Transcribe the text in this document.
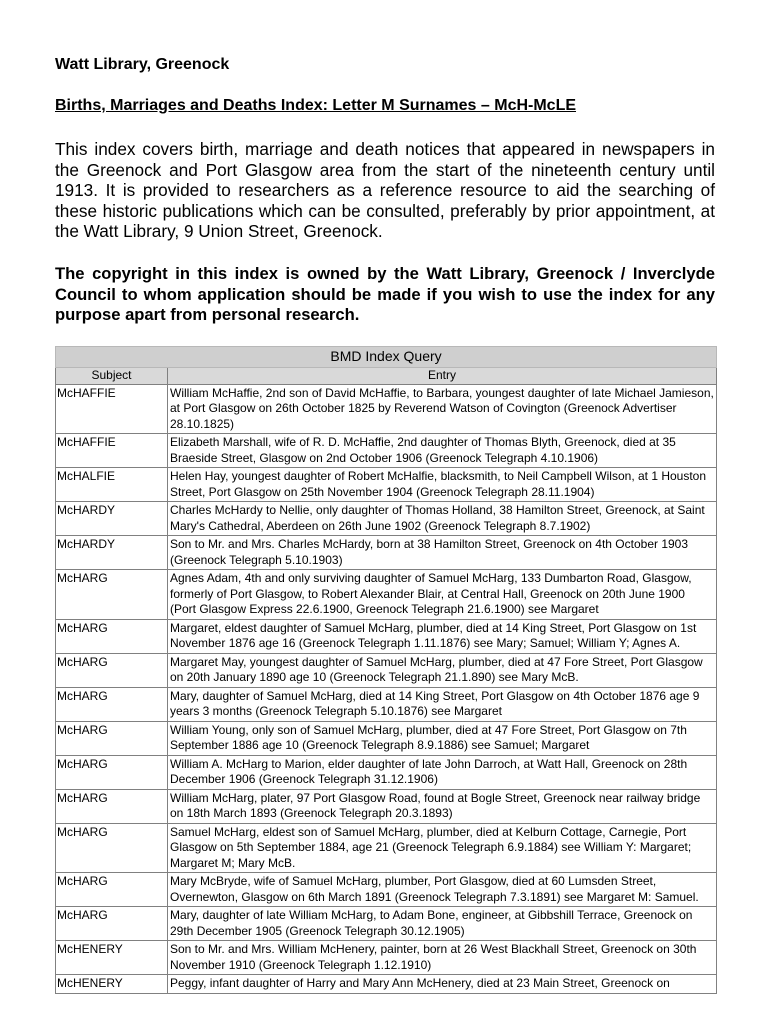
Watt Library, Greenock
Births, Marriages and Deaths Index: Letter M Surnames – McH-McLE
This index covers birth, marriage and death notices that appeared in newspapers in the Greenock and Port Glasgow area from the start of the nineteenth century until 1913. It is provided to researchers as a reference resource to aid the searching of these historic publications which can be consulted, preferably by prior appointment, at the Watt Library, 9 Union Street, Greenock.
The copyright in this index is owned by the Watt Library, Greenock / Inverclyde Council to whom application should be made if you wish to use the index for any purpose apart from personal research.
BMD Index Query	
Subject	Entry
McHAFFIE	William McHaffie, 2nd son of David McHaffie, to Barbara, youngest daughter of late Michael Jamieson, at Port Glasgow on 26th October 1825 by Reverend Watson of Covington (Greenock Advertiser 28.10.1825)
McHAFFIE	Elizabeth Marshall, wife of R. D. McHaffie, 2nd daughter of Thomas Blyth, Greenock, died at 35 Braeside Street, Glasgow on 2nd October 1906 (Greenock Telegraph 4.10.1906)
McHALFIE	Helen Hay, youngest daughter of Robert McHalfie, blacksmith, to Neil Campbell Wilson, at 1 Houston Street, Port Glasgow on 25th November 1904 (Greenock Telegraph 28.11.1904)
McHARDY	Charles McHardy to Nellie, only daughter of Thomas Holland, 38 Hamilton Street, Greenock, at Saint Mary's Cathedral, Aberdeen on 26th June 1902 (Greenock Telegraph 8.7.1902)
McHARDY	Son to Mr. and Mrs. Charles McHardy, born at 38 Hamilton Street, Greenock on 4th October 1903 (Greenock Telegraph 5.10.1903)
McHARG	Agnes Adam, 4th and only surviving daughter of Samuel McHarg, 133 Dumbarton Road, Glasgow, formerly of Port Glasgow, to Robert Alexander Blair, at Central Hall, Greenock on 20th June 1900 (Port Glasgow Express 22.6.1900, Greenock Telegraph 21.6.1900) see Margaret
McHARG	Margaret, eldest daughter of Samuel McHarg, plumber, died at 14 King Street, Port Glasgow on 1st November 1876 age 16 (Greenock Telegraph 1.11.1876) see Mary; Samuel; William Y; Agnes A.
McHARG	Margaret May, youngest daughter of Samuel McHarg, plumber, died at 47 Fore Street, Port Glasgow on 20th January 1890 age 10 (Greenock Telegraph 21.1.890) see Mary McB.
McHARG	Mary, daughter of Samuel McHarg, died at 14 King Street, Port Glasgow on 4th October 1876 age 9 years 3 months (Greenock Telegraph 5.10.1876) see Margaret
McHARG	William Young, only son of Samuel McHarg, plumber, died at 47 Fore Street, Port Glasgow on 7th September 1886 age 10 (Greenock Telegraph 8.9.1886) see Samuel; Margaret
McHARG	William A. McHarg to Marion, elder daughter of late John Darroch, at Watt Hall, Greenock on 28th December 1906 (Greenock Telegraph 31.12.1906)
McHARG	William McHarg, plater, 97 Port Glasgow Road, found at Bogle Street, Greenock near railway bridge on 18th March 1893 (Greenock Telegraph 20.3.1893)
McHARG	Samuel McHarg, eldest son of Samuel McHarg, plumber, died at Kelburn Cottage, Carnegie, Port Glasgow on 5th September 1884, age 21 (Greenock Telegraph 6.9.1884) see William Y: Margaret; Margaret M; Mary McB.
McHARG	Mary McBryde, wife of Samuel McHarg, plumber, Port Glasgow, died at 60 Lumsden Street, Overnewton, Glasgow on 6th March 1891 (Greenock Telegraph 7.3.1891) see Margaret M: Samuel.
McHARG	Mary, daughter of late William McHarg, to Adam Bone, engineer, at Gibbshill Terrace, Greenock on 29th December 1905 (Greenock Telegraph 30.12.1905)
McHENERY	Son to Mr. and Mrs. William McHenery, painter, born at 26 West Blackhall Street, Greenock on 30th November 1910 (Greenock Telegraph 1.12.1910)
McHENERY	Peggy, infant daughter of Harry and Mary Ann McHenery, died at 23 Main Street, Greenock on
